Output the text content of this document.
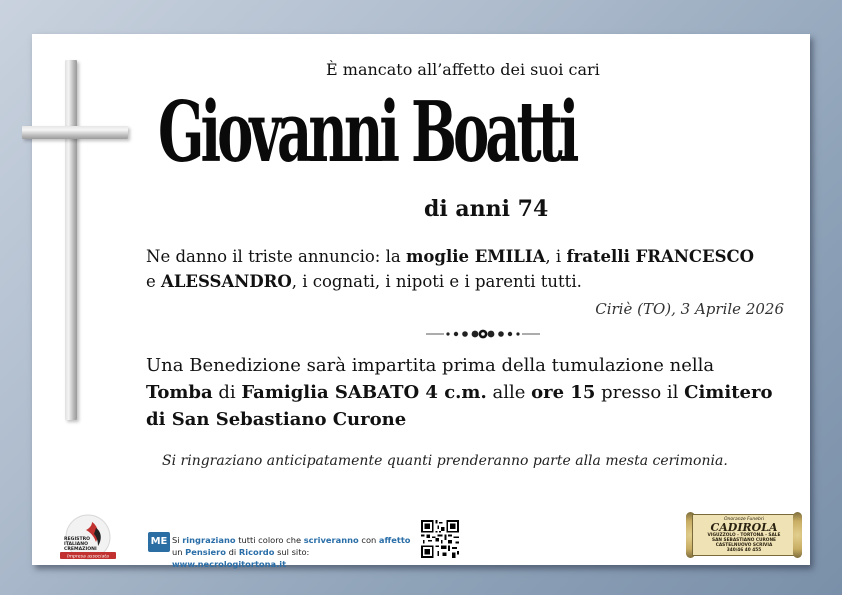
È mancato all’affetto dei suoi cari
Giovanni Boatti
di anni 74
Ne danno il triste annuncio: la moglie EMILIA, i fratelli FRANCESCO
e ALESSANDRO, i cognati, i nipoti e i parenti tutti.
Ciriè (TO), 3 Aprile 2026
Una Benedizione sarà impartita prima della tumulazione nella
Tomba di Famiglia SABATO 4 c.m. alle ore 15 presso il Cimitero
di San Sebastiano Curone
Si ringraziano anticipatamente quanti prenderanno parte alla mesta cerimonia.
REGISTRO
ITALIANO
CREMAZIONI
Impresa associata
ME Si ringraziano tutti coloro che scriveranno con affetto
un Pensiero di Ricordo sul sito: www.necrologitortona.it
Onoranze Funebri
CADIROLA
VIGUZZOLO - TORTONA - SALE
SAN SEBASTIANO CURONE
CASTELNUOVO SCRIVIA
340/46 40 455
